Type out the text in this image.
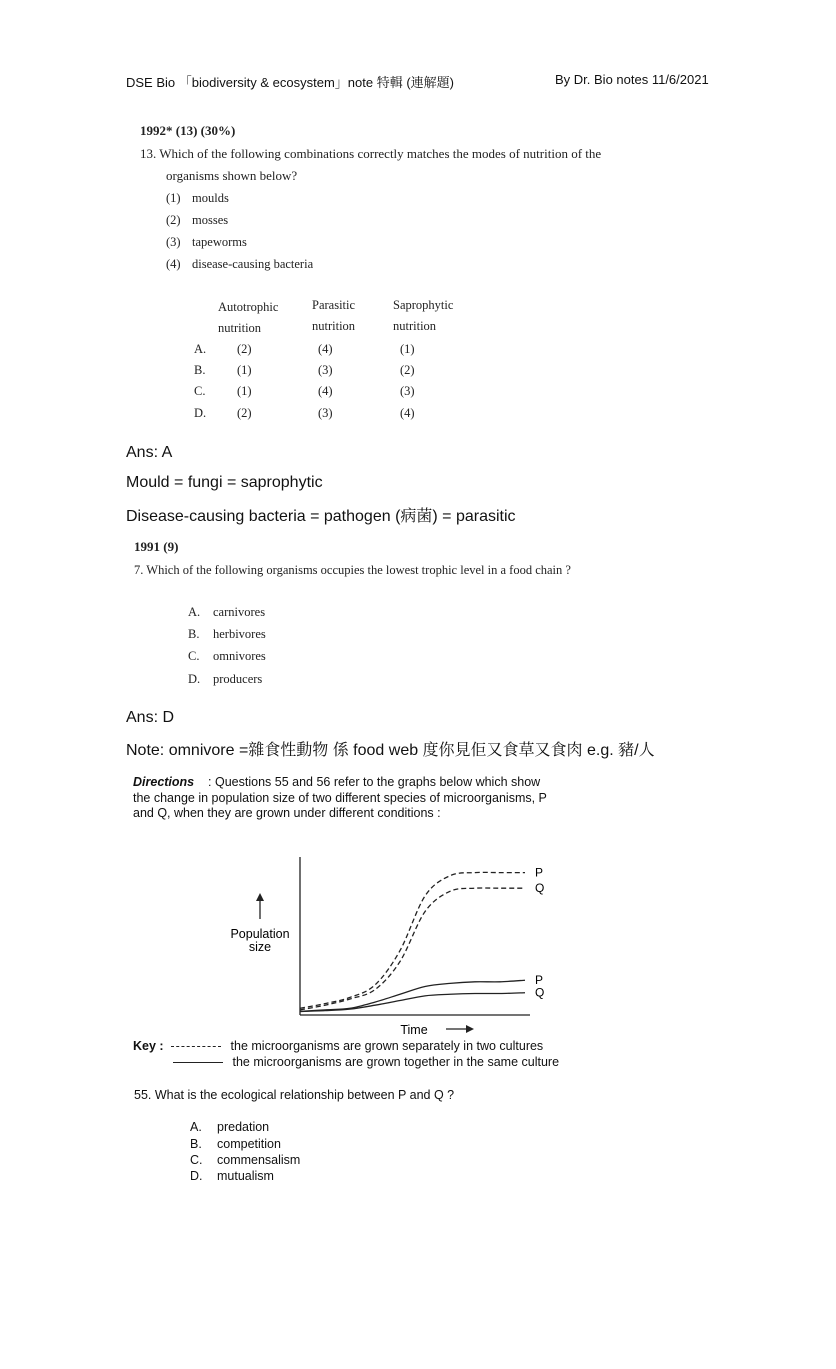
DSE Bio 「biodiversity & ecosystem」note 特輯 (連解題)	By Dr. Bio notes 11/6/2021
1992* (13) (30%)
13. Which of the following combinations correctly matches the modes of nutrition of the
organisms shown below?
(1) moulds
(2) mosses
(3) tapeworms
(4) disease-causing bacteria
Autotrophic
nutrition
Parasitic
nutrition
Saprophytic
nutrition
A. (2)	(4)	(1)
B.	(1)	(3)	(2)
C.	(1)	(4)	(3)
D. (2)	(3)	(4)
Ans: A
Mould = fungi = saprophytic
Disease-causing bacteria = pathogen (病菌) = parasitic
1991 (9)
7. Which of the following organisms occupies the lowest trophic level in a food chain ?
A. carnivores
B. herbivores
C. omnivores
D. producers
Ans: D
Note: omnivore =雜食性動物 係 food web 度你見佢又食草又食肉 e.g. 豬/人
Directions : Questions 55 and 56 refer to the graphs below which show
the change in population size of two different species of microorganisms, P
and Q, when they are grown under different conditions :
Population
size
Time
P
Q
P
Q
Key :	the microorganisms are grown separately in two cultures
the microorganisms are grown together in the same culture
55. What is the ecological relationship between P and Q ?
A. predation
B. competition
C. commensalism
D. mutualism
